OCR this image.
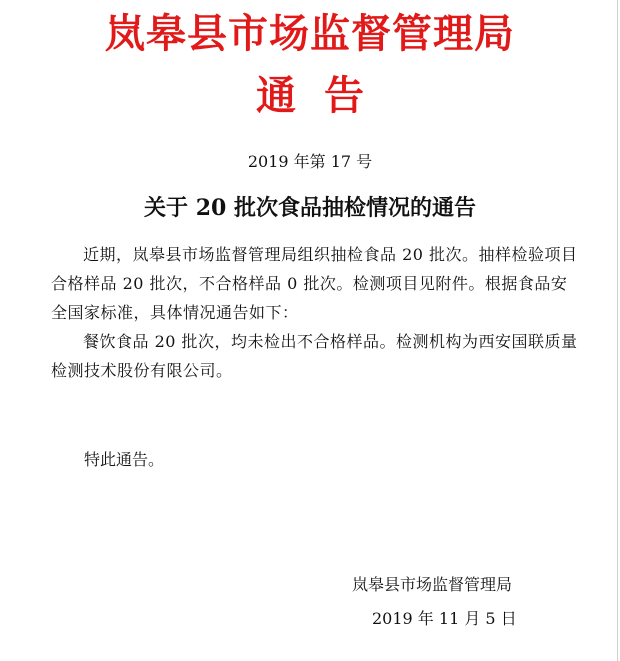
岚皋县市场监督管理局
通告
2019 年第 17 号
关于 20 批次食品抽检情况的通告

近期，岚皋县市场监督管理局组织抽检食品 20 批次。抽样检验项目合格样品 20 批次，不合格样品 0 批次。检测项目见附件。根据食品安全国家标准，具体情况通告如下：

餐饮食品 20 批次，均未检出不合格样品。检测机构为西安国联质量检测技术股份有限公司。

特此通告。
岚皋县市场监督管理局
2019 年 11 月 5 日
